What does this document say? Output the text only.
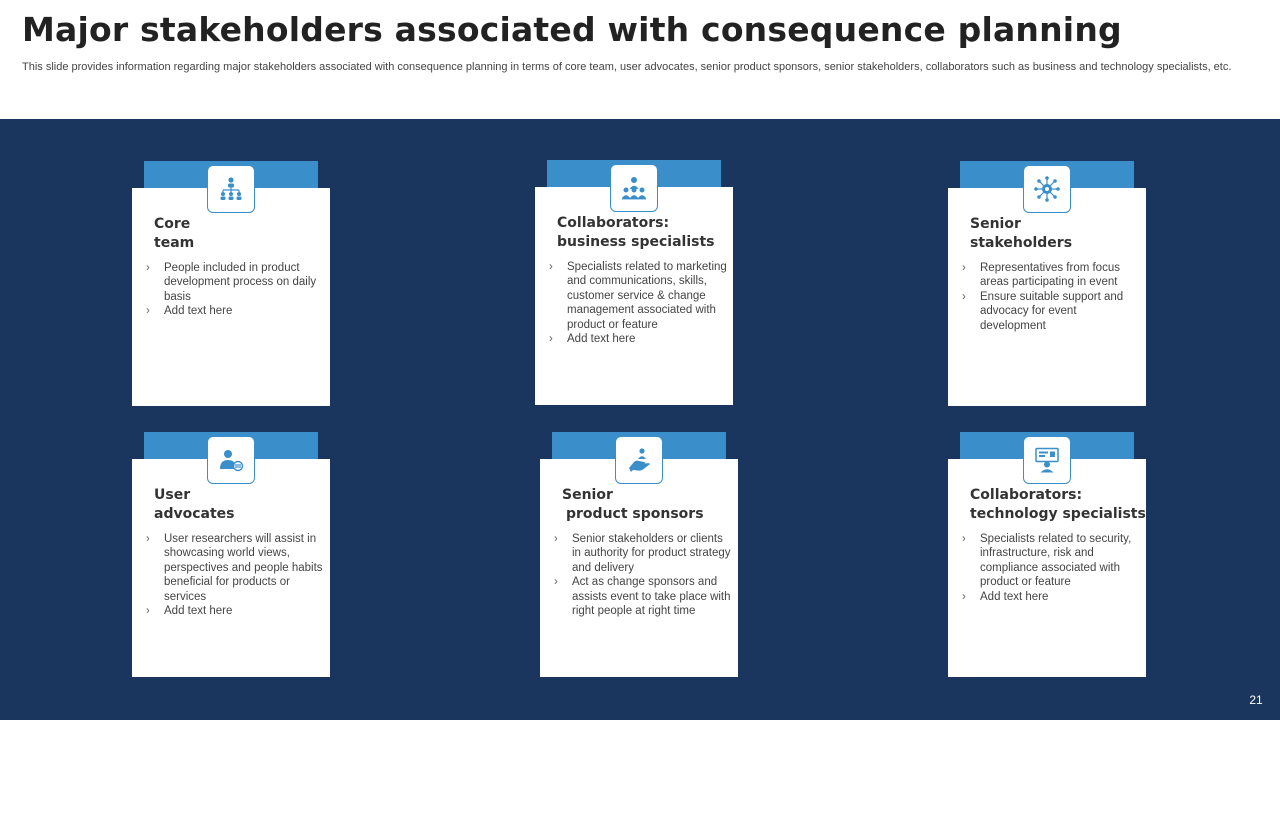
Major stakeholders associated with consequence planning
This slide provides information regarding major stakeholders associated with consequence planning in terms of core team, user advocates, senior product sponsors, senior stakeholders, collaborators such as business and technology specialists, etc.
Core
team
› People included in product development process on daily basis
› Add text here
Collaborators:
business specialists
› Specialists related to marketing and communications, skills, customer service & change management associated with product or feature
› Add text here
Senior
stakeholders
› Representatives from focus areas participating in event
› Ensure suitable support and advocacy for event development
User
advocates
› User researchers will assist in showcasing world views, perspectives and people habits beneficial for products or services
› Add text here
Senior
product sponsors
› Senior stakeholders or clients in authority for product strategy and delivery
› Act as change sponsors and assists event to take place with right people at right time
Collaborators:
technology specialists
› Specialists related to security, infrastructure, risk and compliance associated with product or feature
› Add text here
This slide is 100% editable. Adapt it to your needs and capture your audience's attention.
21
